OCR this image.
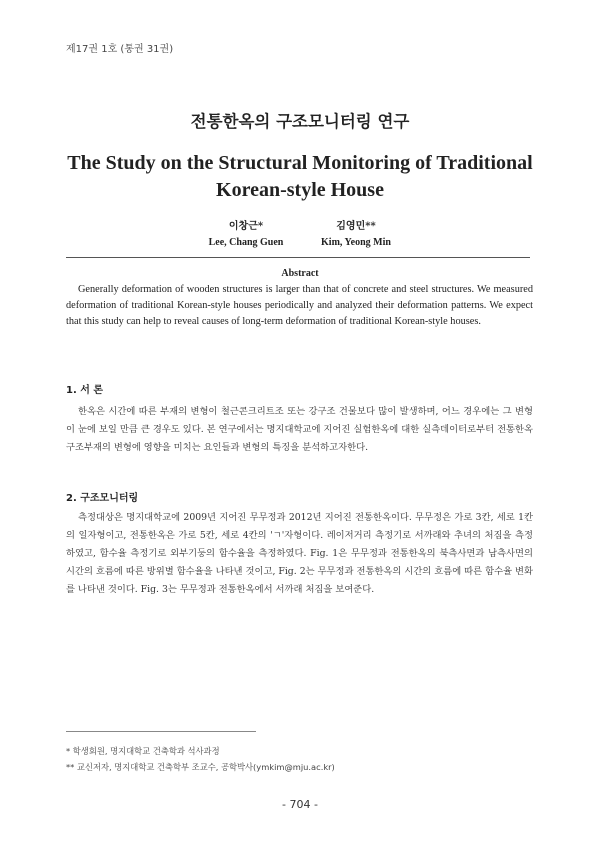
제17권 1호 (통권 31권)
전통한옥의 구조모니터링 연구
The Study on the Structural Monitoring of Traditional Korean-style House
이창근*
Lee, Chang Guen
김영민**
Kim, Yeong Min
Abstract

Generally deformation of wooden structures is larger than that of concrete and steel structures. We measured deformation of traditional Korean-style houses periodically and analyzed their deformation patterns. We expect that this study can help to reveal causes of long-term deformation of traditional Korean-style houses.

1. 서 론

한옥은 시간에 따른 부재의 변형이 철근콘크리트조 또는 강구조 건물보다 많이 발생하며, 어느 경우에는 그 변형이 눈에 보일 만큼 큰 경우도 있다. 본 연구에서는 명지대학교에 지어진 실험한옥에 대한 실측데이터로부터 전통한옥 구조부재의 변형에 영향을 미치는 요인들과 변형의 특징을 분석하고자한다.

2. 구조모니터링

측정대상은 명지대학교에 2009년 지어진 무무정과 2012년 지어진 전통한옥이다. 무무정은 가로 3칸, 세로 1칸의 일자형이고, 전통한옥은 가로 5칸, 세로 4칸의 'ㄱ'자형이다. 레이저거리 측정기로 서까래와 추녀의 처짐을 측정하였고, 함수율 측정기로 외부기둥의 함수율을 측정하였다. Fig. 1은 무무정과 전통한옥의 북측사면과 남측사면의 시간의 흐름에 따른 방위별 함수율을 나타낸 것이고, Fig. 2는 무무정과 전통한옥의 시간의 흐름에 따른 함수율 변화를 나타낸 것이다. Fig. 3는 무무정과 전통한옥에서 서까래 처짐을 보여준다.

* 학생회원, 명지대학교 건축학과 석사과정
** 교신저자, 명지대학교 건축학부 조교수, 공학박사(ymkim@mju.ac.kr)
- 704 -
